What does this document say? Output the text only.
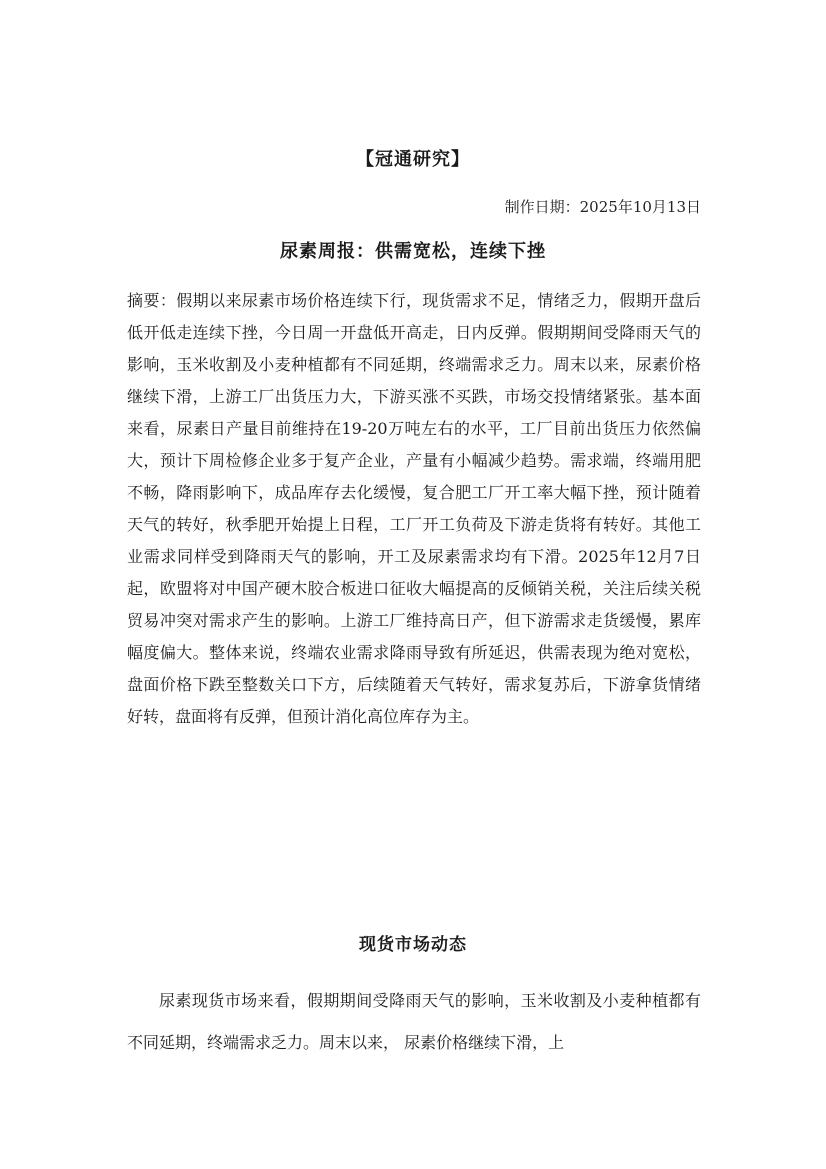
【冠通研究】
制作日期：2025年10月13日
尿素周报：供需宽松，连续下挫

摘要：假期以来尿素市场价格连续下行，现货需求不足，情绪乏力，假期开盘后低开低走连续下挫，今日周一开盘低开高走，日内反弹。假期期间受降雨天气的影响，玉米收割及小麦种植都有不同延期，终端需求乏力。周末以来，尿素价格继续下滑，上游工厂出货压力大，下游买涨不买跌，市场交投情绪紧张。基本面来看，尿素日产量目前维持在19-20万吨左右的水平，工厂目前出货压力依然偏大，预计下周检修企业多于复产企业，产量有小幅减少趋势。需求端，终端用肥不畅，降雨影响下，成品库存去化缓慢，复合肥工厂开工率大幅下挫，预计随着天气的转好，秋季肥开始提上日程，工厂开工负荷及下游走货将有转好。其他工业需求同样受到降雨天气的影响，开工及尿素需求均有下滑。2025年12月7日起，欧盟将对中国产硬木胶合板进口征收大幅提高的反倾销关税，关注后续关税贸易冲突对需求产生的影响。上游工厂维持高日产，但下游需求走货缓慢，累库幅度偏大。整体来说，终端农业需求降雨导致有所延迟，供需表现为绝对宽松，盘面价格下跌至整数关口下方，后续随着天气转好，需求复苏后，下游拿货情绪好转，盘面将有反弹，但预计消化高位库存为主。

现货市场动态

尿素现货市场来看，假期期间受降雨天气的影响，玉米收割及小麦种植都有不同延期，终端需求乏力。周末以来， 尿素价格继续下滑，上
